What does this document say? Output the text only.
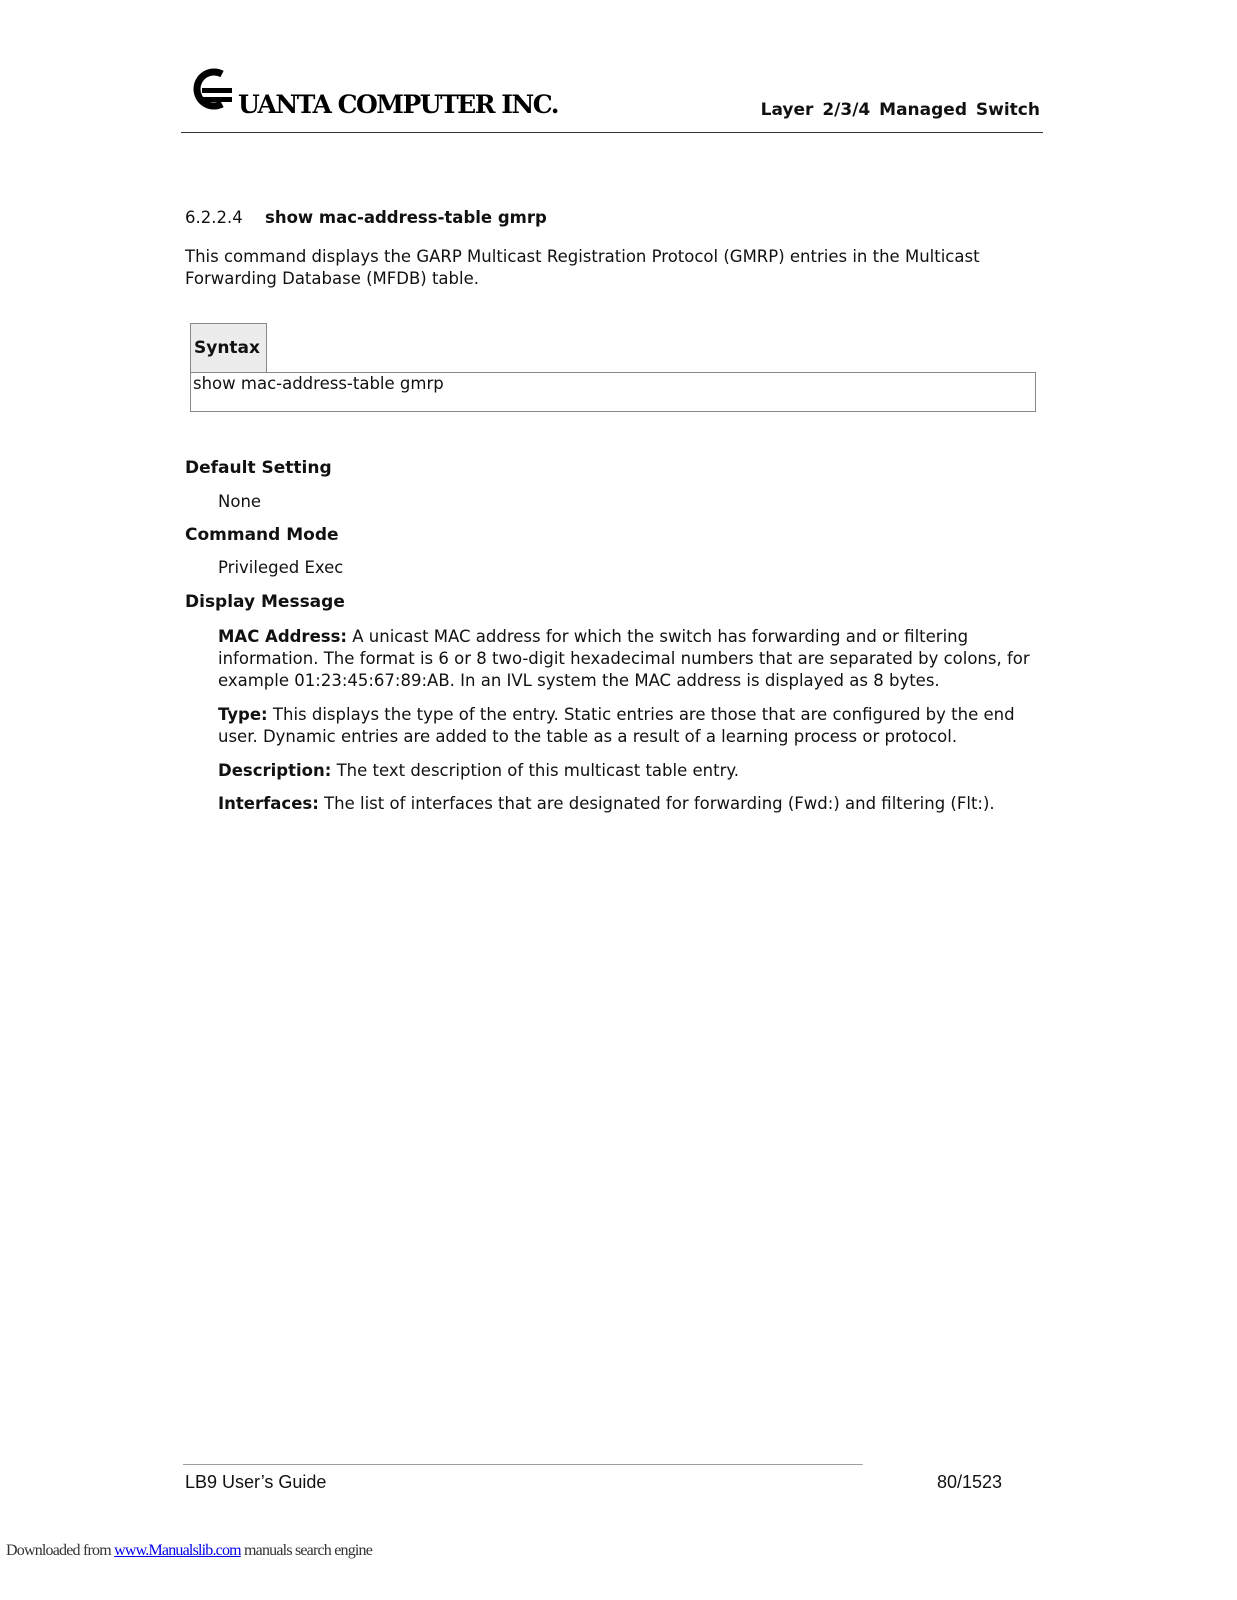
UANTA COMPUTER INC.	Layer 2/3/4 Managed Switch
6.2.2.4 show mac-address-table gmrp
This command displays the GARP Multicast Registration Protocol (GMRP) entries in the Multicast Forwarding Database (MFDB) table.
Syntax
show mac-address-table gmrp
Default Setting
None
Command Mode
Privileged Exec
Display Message
MAC Address: A unicast MAC address for which the switch has forwarding and or filtering information. The format is 6 or 8 two-digit hexadecimal numbers that are separated by colons, for example 01:23:45:67:89:AB. In an IVL system the MAC address is displayed as 8 bytes.
Type: This displays the type of the entry. Static entries are those that are configured by the end user. Dynamic entries are added to the table as a result of a learning process or protocol.
Description: The text description of this multicast table entry.
Interfaces: The list of interfaces that are designated for forwarding (Fwd:) and filtering (Flt:).
_____________________________________________________________________________________________________
LB9 User’s Guide	80/1523
Downloaded from www.Manualslib.com manuals search engine
